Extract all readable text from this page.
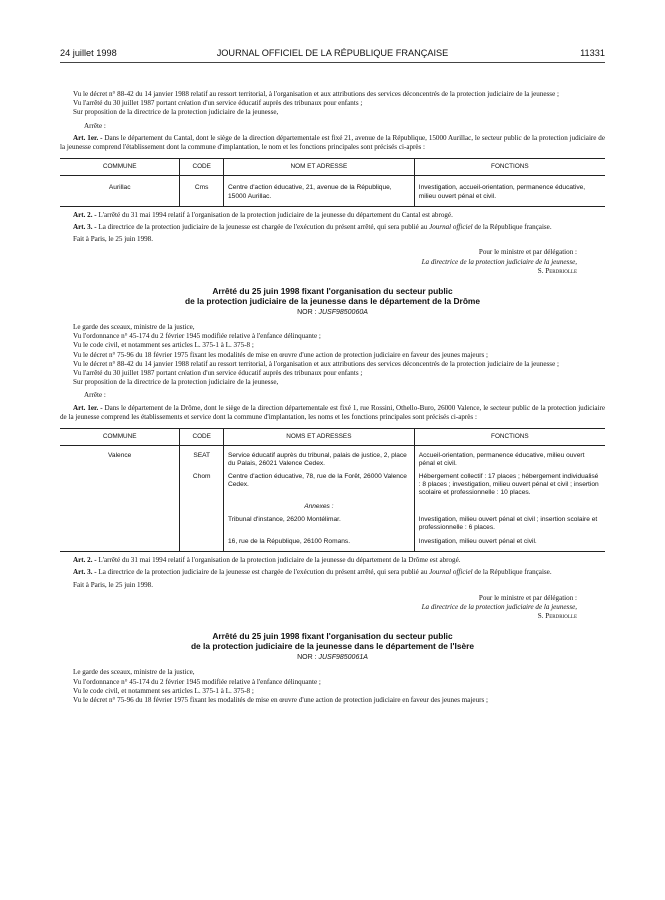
24 juillet 1998	JOURNAL OFFICIEL DE LA RÉPUBLIQUE FRANÇAISE	11331

Vu le décret n° 88-42 du 14 janvier 1988 relatif au ressort territorial, à l'organisation et aux attributions des services déconcentrés de la protection judiciaire de la jeunesse ;

Vu l'arrêté du 30 juillet 1987 portant création d'un service éducatif auprès des tribunaux pour enfants ;

Sur proposition de la directrice de la protection judiciaire de la jeunesse,

Arrête :

Art. 1er. - Dans le département du Cantal, dont le siège de la direction départementale est fixé 21, avenue de la République, 15000 Aurillac, le secteur public de la protection judiciaire de la jeunesse comprend l'établissement dont la commune d'implantation, le nom et les fonctions principales sont précisés ci-après :

COMMUNE	CODE	NOM ET ADRESSE	FONCTIONS
Aurillac	Cms	Centre d'action éducative, 21, avenue de la République, 15000 Aurillac.	Investigation, accueil-orientation, permanence éducative, milieu ouvert pénal et civil.

Art. 2. - L'arrêté du 31 mai 1994 relatif à l'organisation de la protection judiciaire de la jeunesse du département du Cantal est abrogé.

Art. 3. - La directrice de la protection judiciaire de la jeunesse est chargée de l'exécution du présent arrêté, qui sera publié au Journal officiel de la République française.

Fait à Paris, le 25 juin 1998.

Pour le ministre et par délégation :

La directrice de la protection judiciaire de la jeunesse,

S. Perdriolle

Arrêté du 25 juin 1998 fixant l'organisation du secteur public

de la protection judiciaire de la jeunesse dans le département de la Drôme

NOR : JUSF9850060A

Le garde des sceaux, ministre de la justice,

Vu l'ordonnance n° 45-174 du 2 février 1945 modifiée relative à l'enfance délinquante ;

Vu le code civil, et notamment ses articles L. 375-1 à L. 375-8 ;

Vu le décret n° 75-96 du 18 février 1975 fixant les modalités de mise en œuvre d'une action de protection judiciaire en faveur des jeunes majeurs ;

Vu le décret n° 88-42 du 14 janvier 1988 relatif au ressort territorial, à l'organisation et aux attributions des services déconcentrés de la protection judiciaire de la jeunesse ;

Vu l'arrêté du 30 juillet 1987 portant création d'un service éducatif auprès des tribunaux pour enfants ;

Sur proposition de la directrice de la protection judiciaire de la jeunesse,

Arrête :

Art. 1er. - Dans le département de la Drôme, dont le siège de la direction départementale est fixé 1, rue Rossini, Othello-Buro, 26000 Valence, le secteur public de la protection judiciaire de la jeunesse comprend les établissements et service dont la commune d'implantation, les noms et les fonctions principales sont précisés ci-après :

COMMUNE	CODE	NOMS ET ADRESSES	FONCTIONS
Valence	SEAT	Service éducatif auprès du tribunal, palais de justice, 2, place du Palais, 26021 Valence Cedex.	Accueil-orientation, permanence éducative, milieu ouvert pénal et civil.
	Chom	Centre d'action éducative, 78, rue de la Forêt, 26000 Valence Cedex.	Hébergement collectif : 17 places ; hébergement individualisé : 8 places ; investigation, milieu ouvert pénal et civil ; insertion scolaire et professionnelle : 10 places.
		Annexes :	
		Tribunal d'instance, 26200 Montélimar.	Investigation, milieu ouvert pénal et civil ; insertion scolaire et professionnelle : 6 places.
		16, rue de la République, 26100 Romans.	Investigation, milieu ouvert pénal et civil.

Art. 2. - L'arrêté du 31 mai 1994 relatif à l'organisation de la protection judiciaire de la jeunesse du département de la Drôme est abrogé.

Art. 3. - La directrice de la protection judiciaire de la jeunesse est chargée de l'exécution du présent arrêté, qui sera publié au Journal officiel de la République française.

Fait à Paris, le 25 juin 1998.

Pour le ministre et par délégation :

La directrice de la protection judiciaire de la jeunesse,

S. Perdriolle

Arrêté du 25 juin 1998 fixant l'organisation du secteur public

de la protection judiciaire de la jeunesse dans le département de l'Isère

NOR : JUSF9850061A

Le garde des sceaux, ministre de la justice,

Vu l'ordonnance n° 45-174 du 2 février 1945 modifiée relative à l'enfance délinquante ;

Vu le code civil, et notamment ses articles L. 375-1 à L. 375-8 ;

Vu le décret n° 75-96 du 18 février 1975 fixant les modalités de mise en œuvre d'une action de protection judiciaire en faveur des jeunes majeurs ;
